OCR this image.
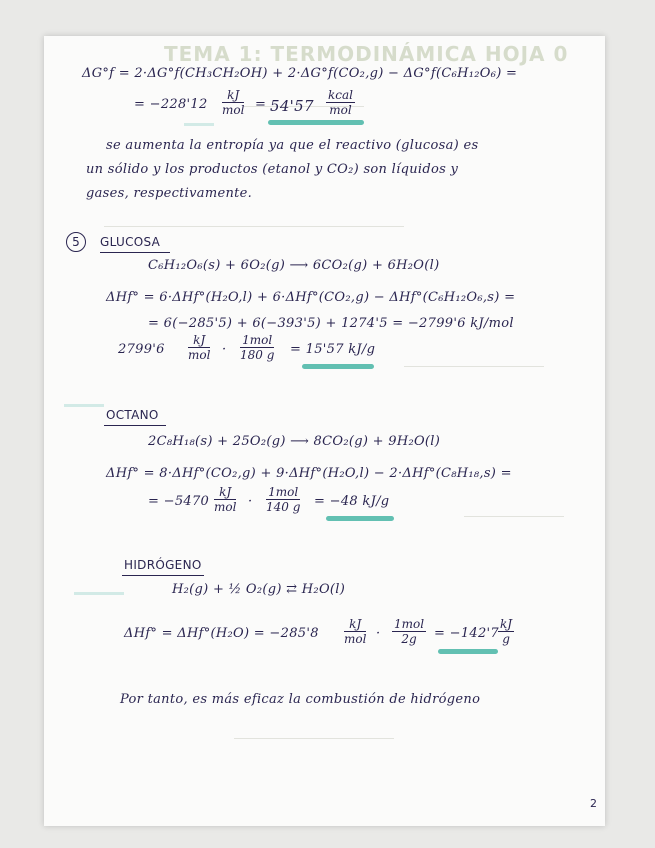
TEMA 1: TERMODINÁMICA HOJA 0
ΔG°f = 2·ΔG°f(CH₃CH₂OH) + 2·ΔG°f(CO₂,g) − ΔG°f(C₆H₁₂O₆) =
= −228'12
kJ
mol = 54'57
kcal
mol
se aumenta la entropía ya que el reactivo (glucosa) es
un sólido y los productos (etanol y CO₂) son líquidos y
gases, respectivamente.
5	GLUCOSA
C₆H₁₂O₆(s) + 6O₂(g) ⟶ 6CO₂(g) + 6H₂O(l)
ΔHf° = 6·ΔHf°(H₂O,l) + 6·ΔHf°(CO₂,g) − ΔHf°(C₆H₁₂O₆,s) =
= 6(−285'5) + 6(−393'5) + 1274'5 = −2799'6 kJ/mol
2799'6
kJ
mol ·
1mol
180 g = 15'57 kJ/g
OCTANO
2C₈H₁₈(s) + 25O₂(g) ⟶ 8CO₂(g) + 9H₂O(l)
ΔHf° = 8·ΔHf°(CO₂,g) + 9·ΔHf°(H₂O,l) − 2·ΔHf°(C₈H₁₈,s) =
= −5470
kJ
mol ·
1mol
140 g = −48 kJ/g
HIDRÓGENO
H₂(g) + ½ O₂(g) ⇄ H₂O(l)
ΔHf° = ΔHf°(H₂O) = −285'8
kJ
mol ·
1mol
2g	= $-142'7 \frac{kJ}{g}$
Por tanto, es más eficaz la combustión de hidrógeno
2
